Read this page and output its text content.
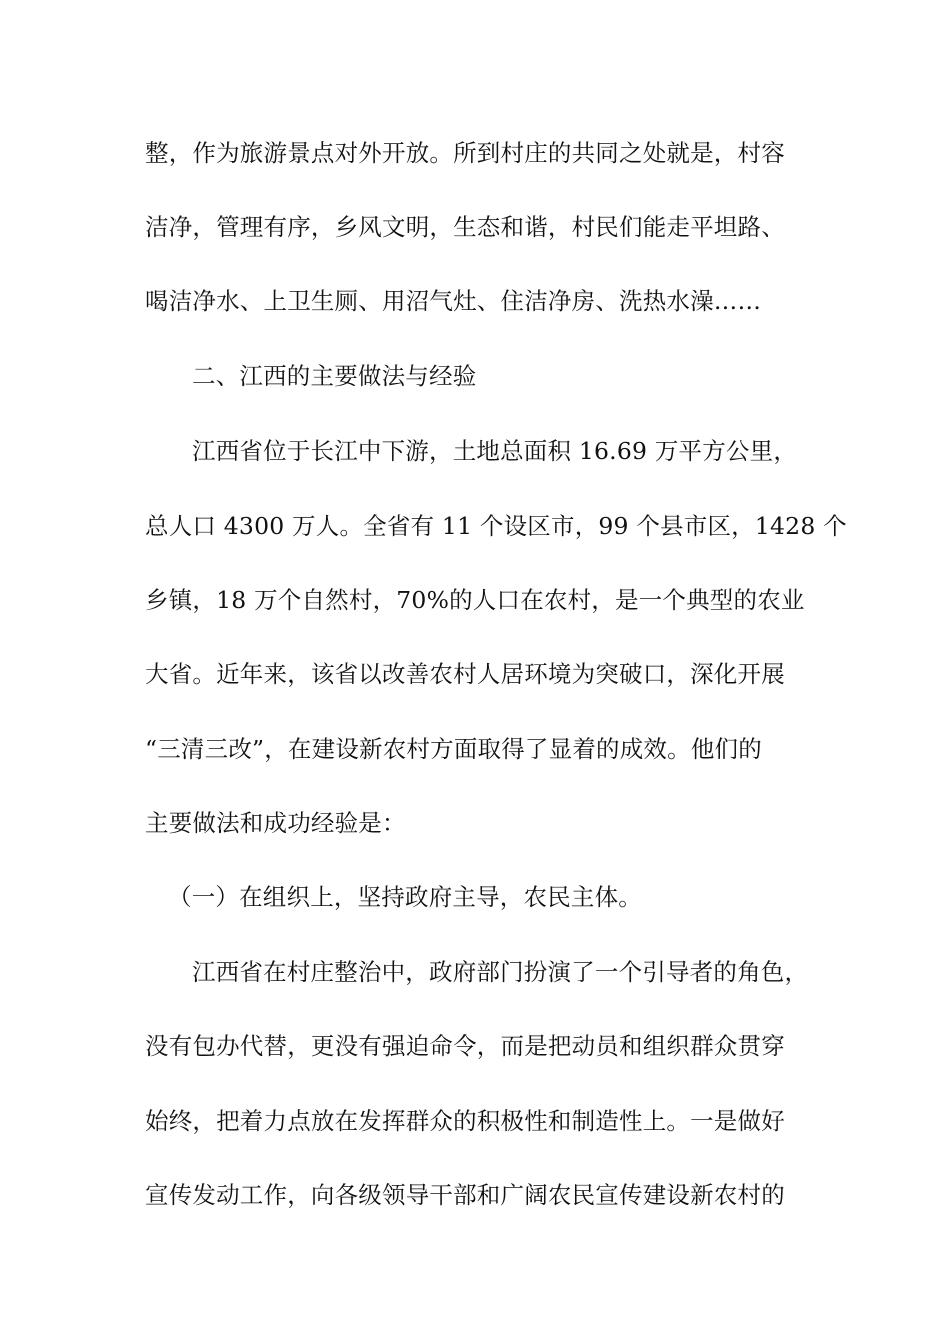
整，作为旅游景点对外开放。所到村庄的共同之处就是，村容
洁净，管理有序，乡风文明，生态和谐，村民们能走平坦路、
喝洁净水、上卫生厕、用沼气灶、住洁净房、洗热水澡……
二、江西的主要做法与经验
江西省位于长江中下游，土地总面积 16.69 万平方公里，
总人口 4300 万人。全省有 11 个设区市，99 个县市区，1428 个
乡镇，18 万个自然村，70%的人口在农村，是一个典型的农业
大省。近年来，该省以改善农村人居环境为突破口，深化开展
“三清三改”，在建设新农村方面取得了显着的成效。他们的
主要做法和成功经验是：
（一）在组织上，坚持政府主导，农民主体。
江西省在村庄整治中，政府部门扮演了一个引导者的角色，
没有包办代替，更没有强迫命令，而是把动员和组织群众贯穿
始终，把着力点放在发挥群众的积极性和制造性上。一是做好
宣传发动工作，向各级领导干部和广阔农民宣传建设新农村的
